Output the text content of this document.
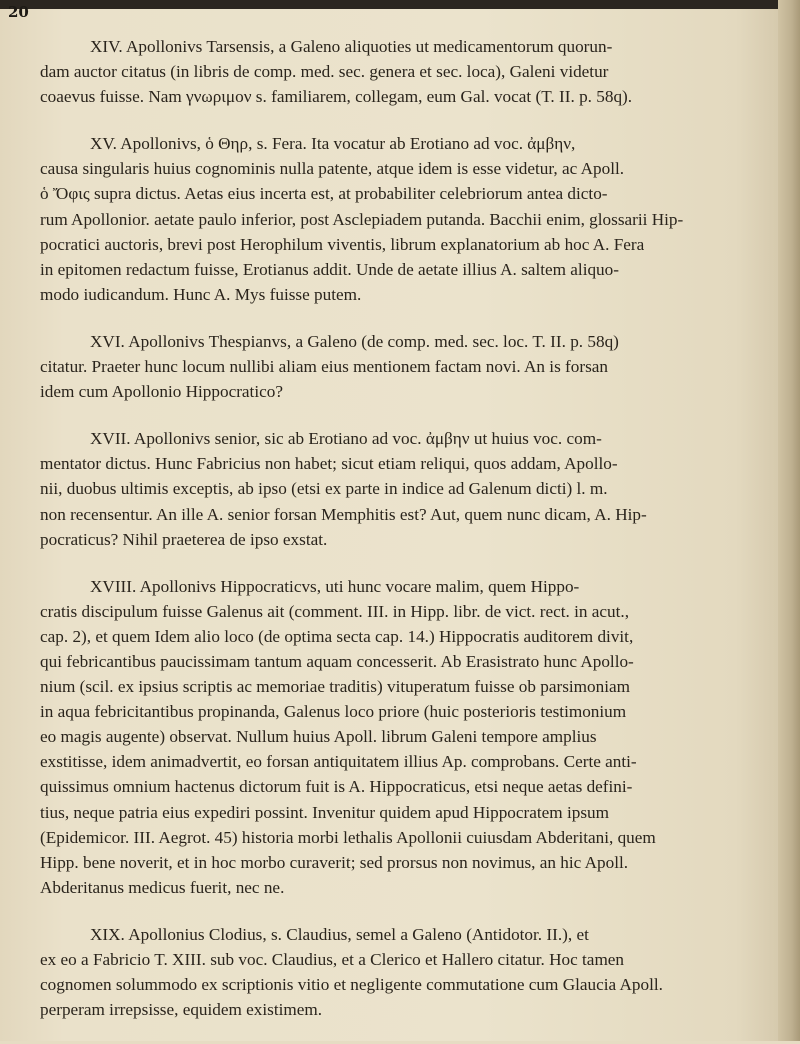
20

XIV. Apollonivs Tarsensis, a Galeno aliquoties ut medicamentorum quorun-
dam auctor citatus (in libris de comp. med. sec. genera et sec. loca), Galeni videtur
coaevus fuisse. Nam γνωριμον s. familiarem, collegam, eum Gal. vocat (T. II. p. 58q).

XV. Apollonivs, ὁ Θηρ, s. Fera. Ita vocatur ab Erotiano ad voc. ἀμβην,
causa singularis huius cognominis nulla patente, atque idem is esse videtur, ac Apoll.
ὁ Ὄφις supra dictus. Aetas eius incerta est, at probabiliter celebriorum antea dicto-
rum Apollonior. aetate paulo inferior, post Asclepiadem putanda. Bacchii enim, glossarii Hip-
pocratici auctoris, brevi post Herophilum viventis, librum explanatorium ab hoc A. Fera
in epitomen redactum fuisse, Erotianus addit. Unde de aetate illius A. saltem aliquo-
modo iudicandum. Hunc A. Mys fuisse putem.

XVI. Apollonivs Thespianvs, a Galeno (de comp. med. sec. loc. T. II. p. 58q)
citatur. Praeter hunc locum nullibi aliam eius mentionem factam novi. An is forsan
idem cum Apollonio Hippocratico?

XVII. Apollonivs senior, sic ab Erotiano ad voc. ἀμβην ut huius voc. com-
mentator dictus. Hunc Fabricius non habet; sicut etiam reliqui, quos addam, Apollo-
nii, duobus ultimis exceptis, ab ipso (etsi ex parte in indice ad Galenum dicti) l. m.
non recensentur. An ille A. senior forsan Memphitis est? Aut, quem nunc dicam, A. Hip-
pocraticus? Nihil praeterea de ipso exstat.

XVIII. Apollonivs Hippocraticvs, uti hunc vocare malim, quem Hippo-
cratis discipulum fuisse Galenus ait (comment. III. in Hipp. libr. de vict. rect. in acut.,
cap. 2), et quem Idem alio loco (de optima secta cap. 14.) Hippocratis auditorem divit,
qui febricantibus paucissimam tantum aquam concesserit. Ab Erasistrato hunc Apollo-
nium (scil. ex ipsius scriptis ac memoriae traditis) vituperatum fuisse ob parsimoniam
in aqua febricitantibus propinanda, Galenus loco priore (huic posterioris testimonium
eo magis augente) observat. Nullum huius Apoll. librum Galeni tempore amplius
exstitisse, idem animadvertit, eo forsan antiquitatem illius Ap. comprobans. Certe anti-
quissimus omnium hactenus dictorum fuit is A. Hippocraticus, etsi neque aetas defini-
tius, neque patria eius expediri possint. Invenitur quidem apud Hippocratem ipsum
(Epidemicor. III. Aegrot. 45) historia morbi lethalis Apollonii cuiusdam Abderitani, quem
Hipp. bene noverit, et in hoc morbo curaverit; sed prorsus non novimus, an hic Apoll.
Abderitanus medicus fuerit, nec ne.

XIX. Apollonius Clodius, s. Claudius, semel a Galeno (Antidotor. II.), et
ex eo a Fabricio T. XIII. sub voc. Claudius, et a Clerico et Hallero citatur. Hoc tamen
cognomen solummodo ex scriptionis vitio et negligente commutatione cum Glaucia Apoll.
perperam irrepsisse, equidem existimem.
